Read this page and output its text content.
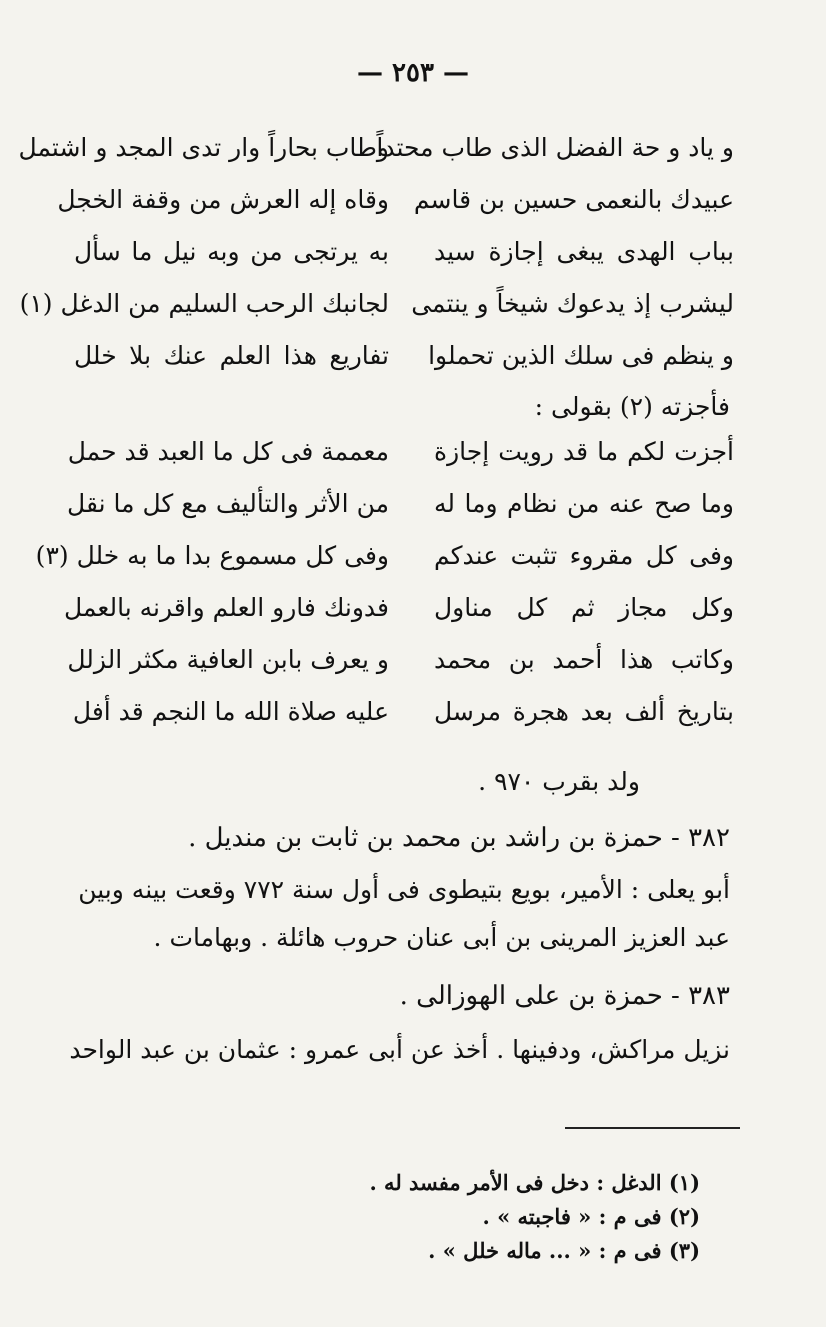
— ٢٥٣ —
و ياد و حة الفضل الذى طاب محتداً
وطاب بحاراً وار تدى المجد و اشتمل
عبيدك بالنعمى حسين بن قاسم
وقاه إله العرش من وقفة الخجل
بباب الهدى يبغى إجازة سيد
به يرتجى من وبه نيل ما سأل
ليشرب إذ يدعوك شيخاً و ينتمى
لجانبك الرحب السليم من الدغل (١)
و ينظم فى سلك الذين تحملوا
تفاريع هذا العلم عنك بلا خلل
فأجزته (٢) بقولى :
أجزت لكم ما قد رويت إجازة
معممة فى كل ما العبد قد حمل
وما صح عنه من نظام وما له
من الأثر والتأليف مع كل ما نقل
وفى كل مقروء تثبت عندكم
وفى كل مسموع بدا ما به خلل (٣)
وكل مجاز ثم كل مناول
فدونك فارو العلم واقرنه بالعمل
وكاتب هذا أحمد بن محمد
و يعرف بابن العافية مكثر الزلل
بتاريخ ألف بعد هجرة مرسل
عليه صلاة الله ما النجم قد أفل
ولد بقرب ٩٧٠ .
٣٨٢ - حمزة بن راشد بن محمد بن ثابت بن منديل .
أبو يعلى : الأمير، بويع بتيطوى فى أول سنة ٧٧٢ وقعت بينه وبين
عبد العزيز المرينى بن أبى عنان حروب هائلة . وبهامات .
٣٨٣ - حمزة بن على الهوزالى .
نزيل مراكش، ودفينها . أخذ عن أبى عمرو : عثمان بن عبد الواحد
(١) الدغل : دخل فى الأمر مفسد له .
(٢) فى م : « فاجبته » .
(٣) فى م : « ... ماله خلل » .
